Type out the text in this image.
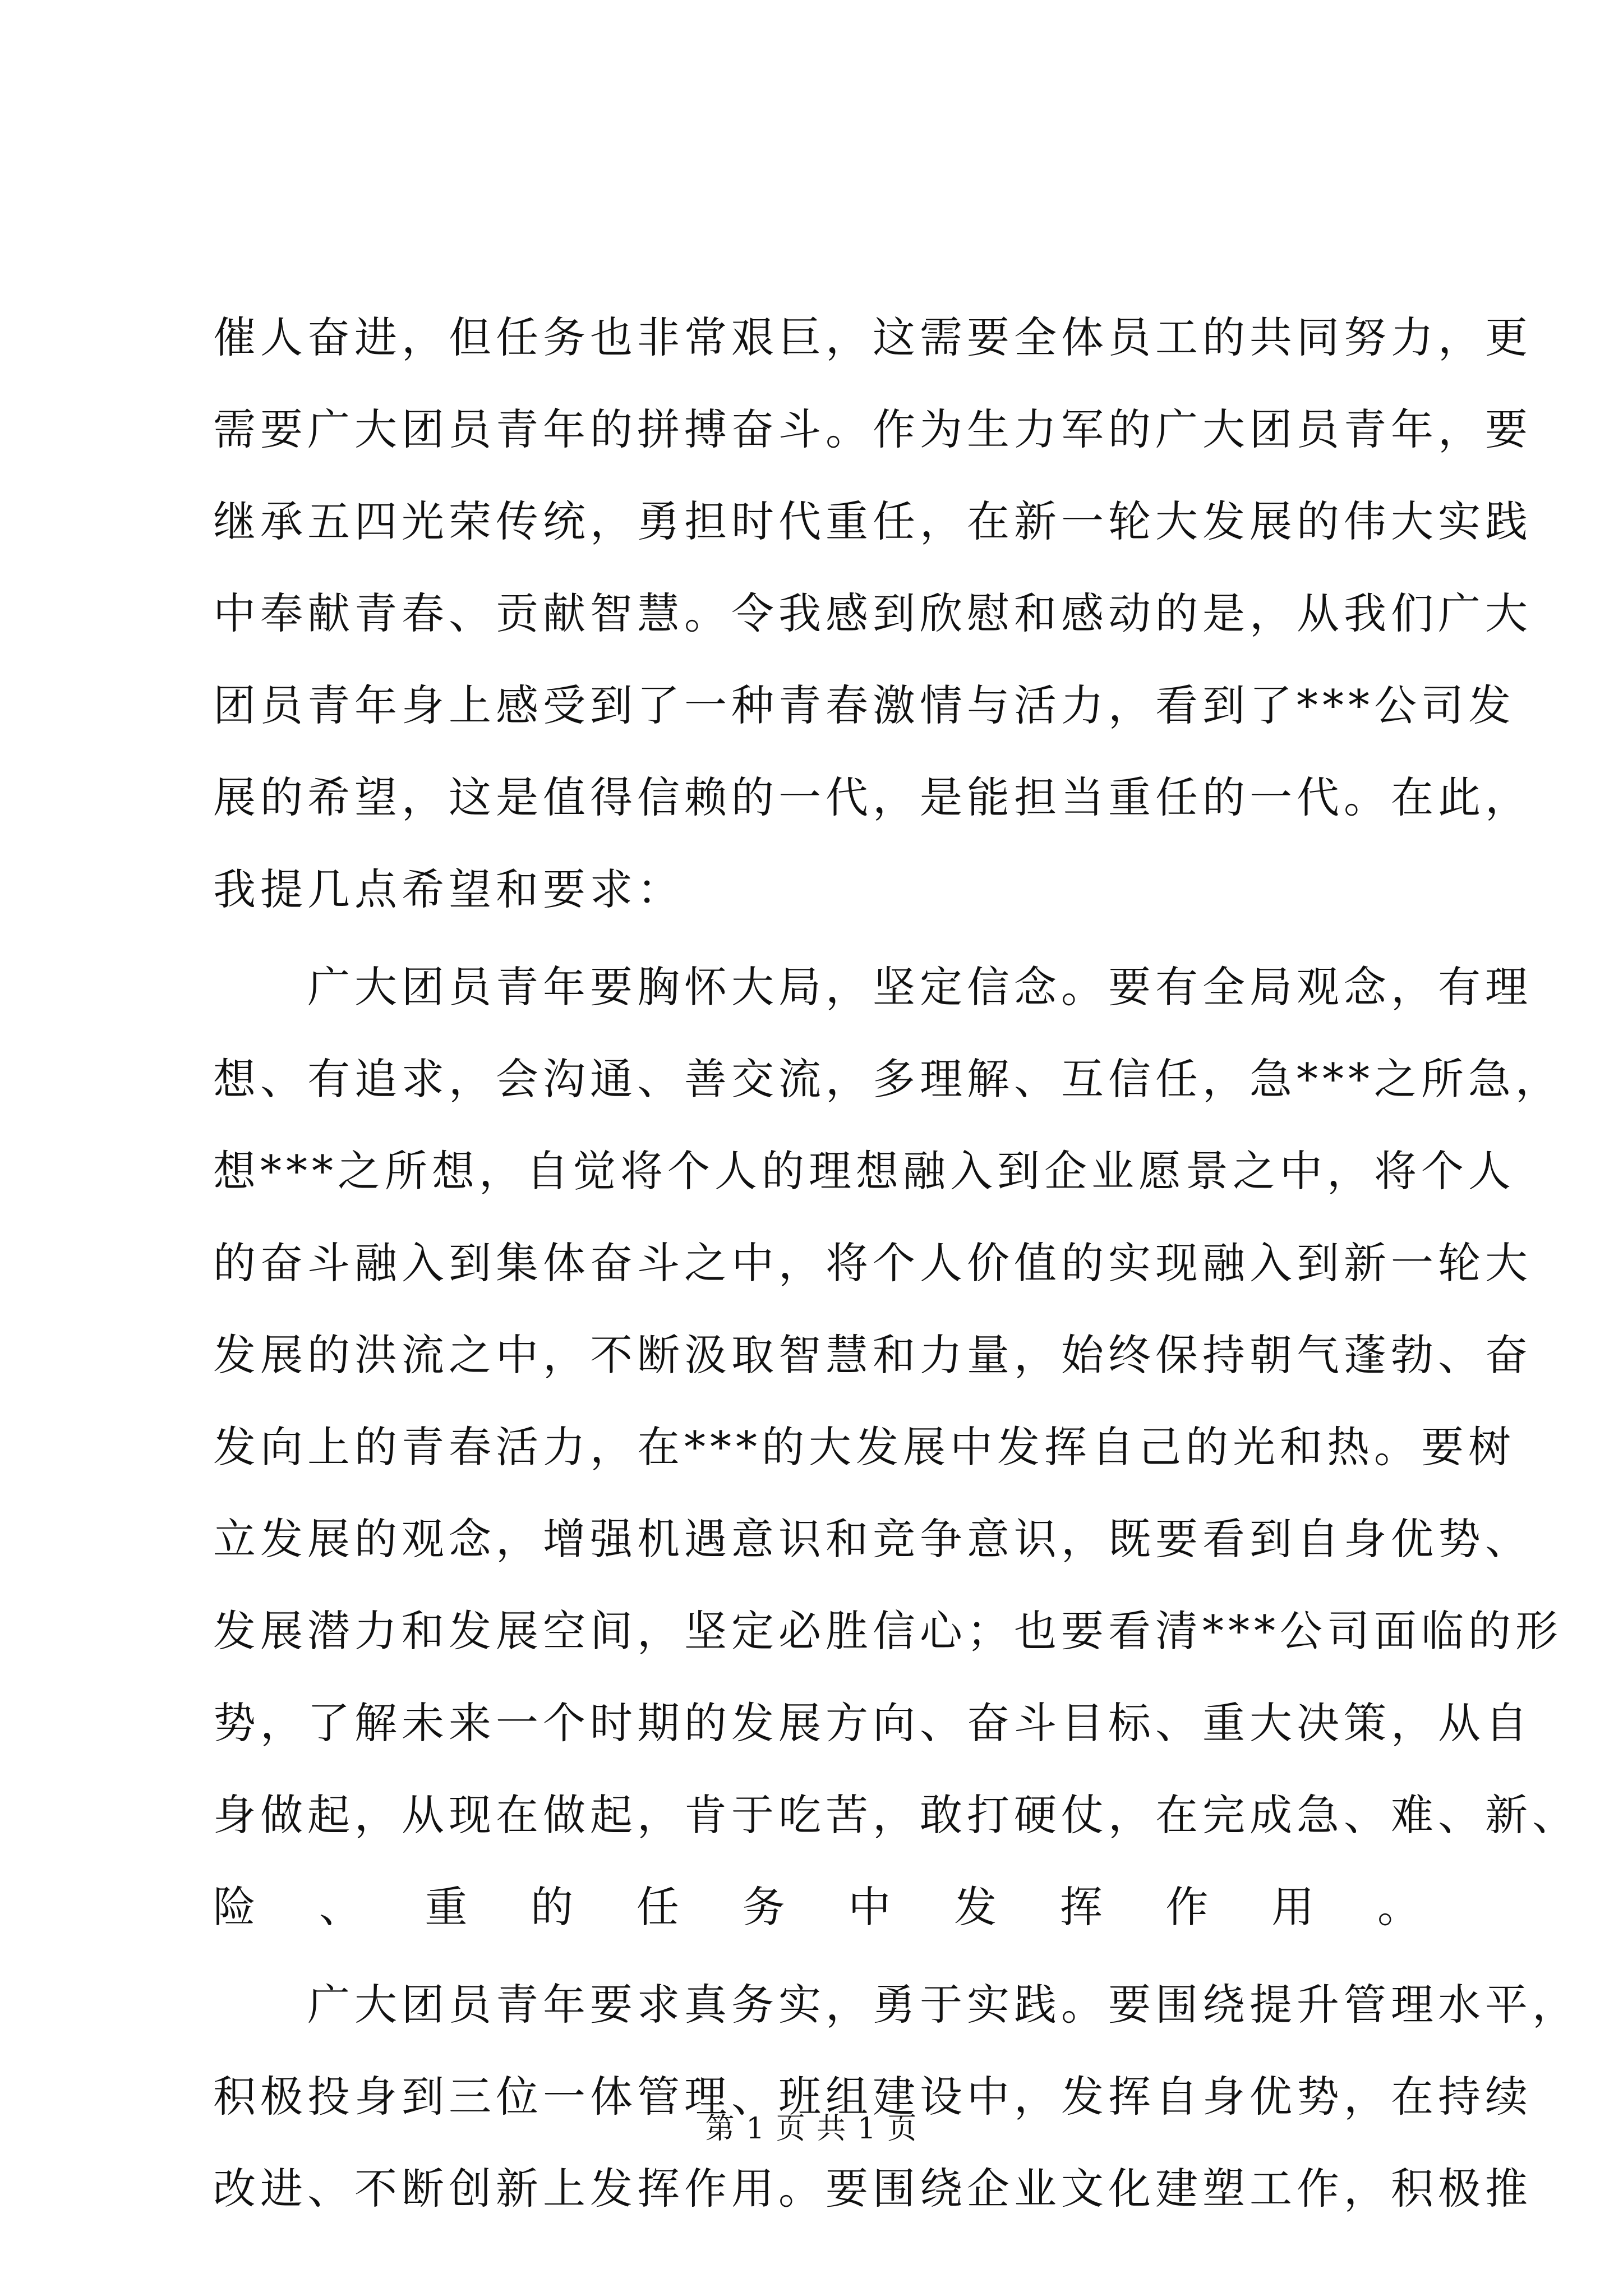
催人奋进，但任务也非常艰巨，这需要全体员工的共同努力，更
需要广大团员青年的拼搏奋斗。作为生力军的广大团员青年，要
继承五四光荣传统，勇担时代重任，在新一轮大发展的伟大实践
中奉献青春、贡献智慧。令我感到欣慰和感动的是，从我们广大
团员青年身上感受到了一种青春激情与活力，看到了***公司发
展的希望，这是值得信赖的一代，是能担当重任的一代。在此，
我提几点希望和要求：

广大团员青年要胸怀大局，坚定信念。要有全局观念，有理
想、有追求，会沟通、善交流，多理解、互信任，急***之所急，
想***之所想，自觉将个人的理想融入到企业愿景之中，将个人
的奋斗融入到集体奋斗之中，将个人价值的实现融入到新一轮大
发展的洪流之中，不断汲取智慧和力量，始终保持朝气蓬勃、奋
发向上的青春活力，在***的大发展中发挥自己的光和热。要树
立发展的观念，增强机遇意识和竞争意识，既要看到自身优势、
发展潜力和发展空间，坚定必胜信心；也要看清***公司面临的形
势，了解未来一个时期的发展方向、奋斗目标、重大决策，从自
身做起，从现在做起，肯于吃苦，敢打硬仗，在完成急、难、新、
险、重的任务中发挥作用。

广大团员青年要求真务实，勇于实践。要围绕提升管理水平，
积极投身到三位一体管理、班组建设中，发挥自身优势，在持续
改进、不断创新上发挥作用。要围绕企业文化建塑工作，积极推

第 1 页 共 1 页
